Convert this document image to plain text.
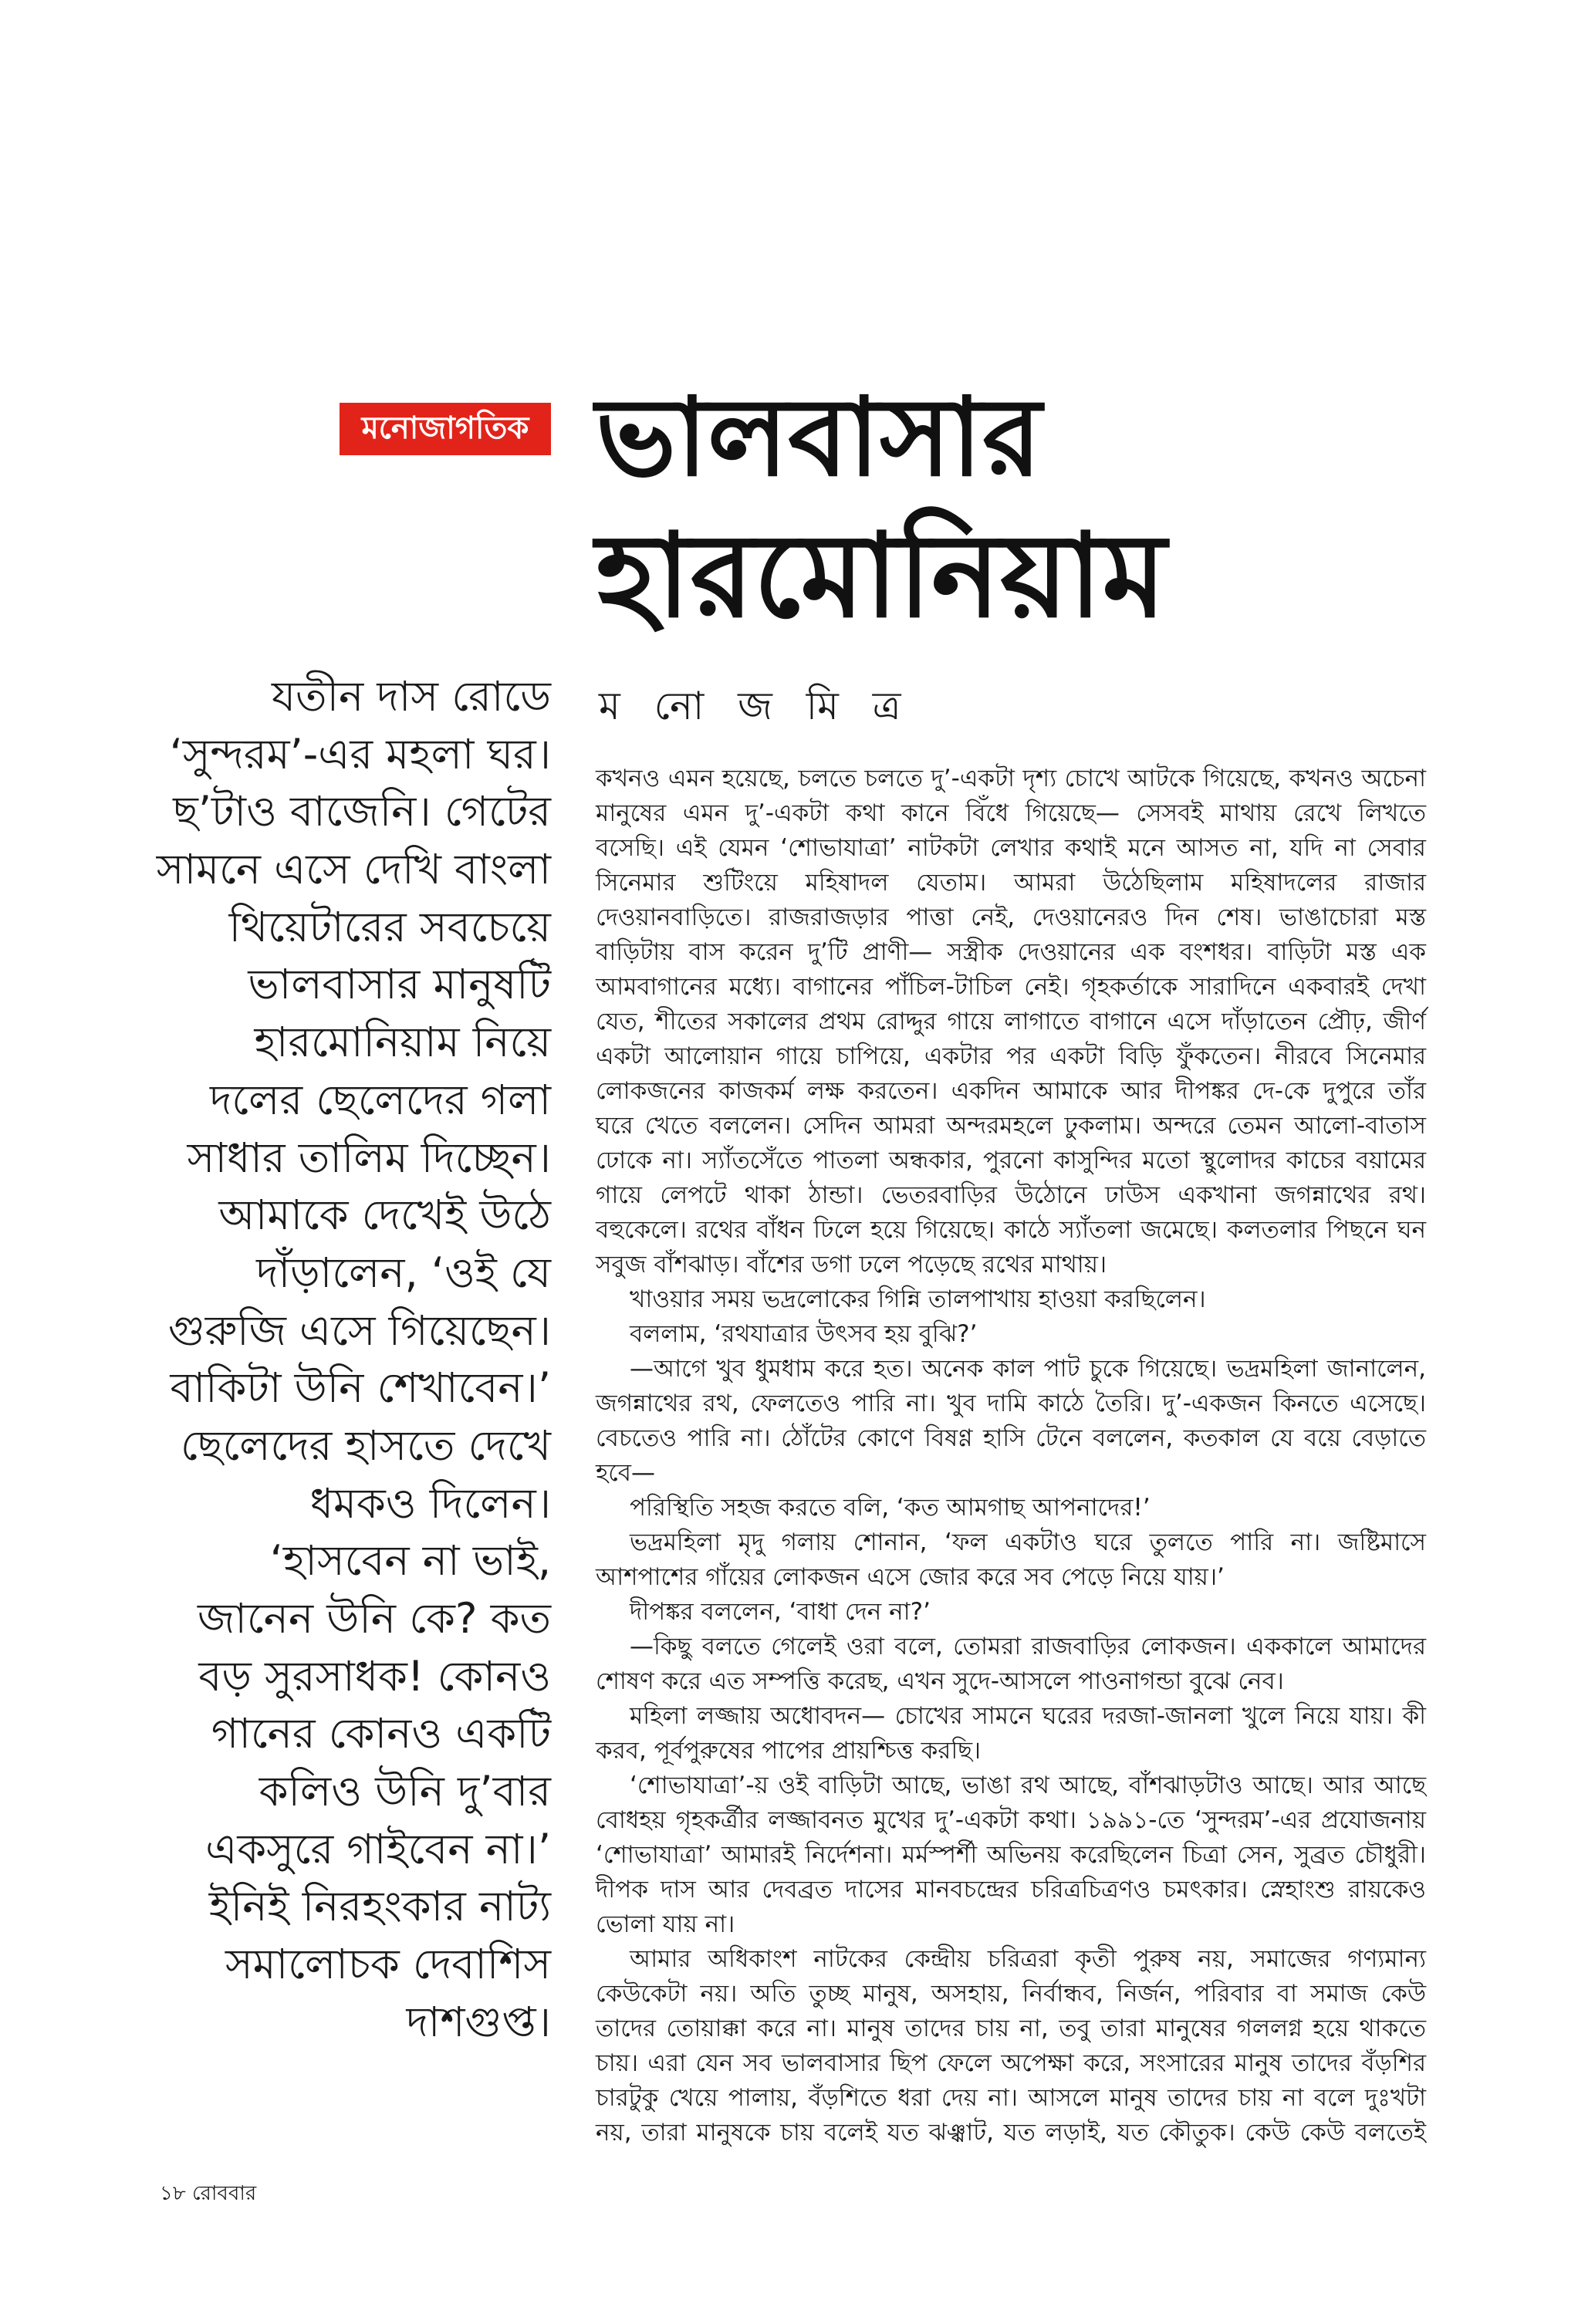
মনোজাগতিক ভালবাসার
হারমোনিয়াম
ম নো জ মি ত্র
যতীন দাস রোডে
‘সুন্দরম’-এর মহলা ঘর।
ছ’টাও বাজেনি। গেটের
সামনে এসে দেখি বাংলা
থিয়েটারের সবচেয়ে
ভালবাসার মানুষটি
হারমোনিয়াম নিয়ে
দলের ছেলেদের গলা
সাধার তালিম দিচ্ছেন।
আমাকে দেখেই উঠে
দাঁড়ালেন, ‘ওই যে
গুরুজি এসে গিয়েছেন।
বাকিটা উনি শেখাবেন।’
ছেলেদের হাসতে দেখে
ধমকও দিলেন।
‘হাসবেন না ভাই,
জানেন উনি কে? কত
বড় সুরসাধক! কোনও
গানের কোনও একটি
কলিও উনি দু’বার
একসুরে গাইবেন না।’
ইনিই নিরহংকার নাট্য
সমালোচক দেবাশিস
দাশগুপ্ত।
কখনও এমন হয়েছে, চলতে চলতে দু’-একটা দৃশ্য চোখে আটকে গিয়েছে, কখনও অচেনা
মানুষের এমন দু’-একটা কথা কানে বিঁধে গিয়েছে— সেসবই মাথায় রেখে লিখতে
বসেছি। এই যেমন ‘শোভাযাত্রা’ নাটকটা লেখার কথাই মনে আসত না, যদি না সেবার
সিনেমার শুটিংয়ে মহিষাদল যেতাম। আমরা উঠেছিলাম মহিষাদলের রাজার
দেওয়ানবাড়িতে। রাজরাজড়ার পাত্তা নেই, দেওয়ানেরও দিন শেষ। ভাঙাচোরা মস্ত
বাড়িটায় বাস করেন দু’টি প্রাণী— সস্ত্রীক দেওয়ানের এক বংশধর। বাড়িটা মস্ত এক
আমবাগানের মধ্যে। বাগানের পাঁচিল-টাচিল নেই। গৃহকর্তাকে সারাদিনে একবারই দেখা
যেত, শীতের সকালের প্রথম রোদ্দুর গায়ে লাগাতে বাগানে এসে দাঁড়াতেন প্রৌঢ়, জীর্ণ
একটা আলোয়ান গায়ে চাপিয়ে, একটার পর একটা বিড়ি ফুঁকতেন। নীরবে সিনেমার
লোকজনের কাজকর্ম লক্ষ করতেন। একদিন আমাকে আর দীপঙ্কর দে-কে দুপুরে তাঁর
ঘরে খেতে বললেন। সেদিন আমরা অন্দরমহলে ঢুকলাম। অন্দরে তেমন আলো-বাতাস
ঢোকে না। স্যাঁতসেঁতে পাতলা অন্ধকার, পুরনো কাসুন্দির মতো স্থুলোদর কাচের বয়ামের
গায়ে লেপটে থাকা ঠান্ডা। ভেতরবাড়ির উঠোনে ঢাউস একখানা জগন্নাথের রথ।
বহুকেলে। রথের বাঁধন ঢিলে হয়ে গিয়েছে। কাঠে স্যাঁতলা জমেছে। কলতলার পিছনে ঘন
সবুজ বাঁশঝাড়। বাঁশের ডগা ঢলে পড়েছে রথের মাথায়।
খাওয়ার সময় ভদ্রলোকের গিন্নি তালপাখায় হাওয়া করছিলেন।
বললাম, ‘রথযাত্রার উৎসব হয় বুঝি?’
—আগে খুব ধুমধাম করে হত। অনেক কাল পাট চুকে গিয়েছে। ভদ্রমহিলা জানালেন,
জগন্নাথের রথ, ফেলতেও পারি না। খুব দামি কাঠে তৈরি। দু’-একজন কিনতে এসেছে।
বেচতেও পারি না। ঠোঁটের কোণে বিষণ্ণ হাসি টেনে বললেন, কতকাল যে বয়ে বেড়াতে
হবে—
পরিস্থিতি সহজ করতে বলি, ‘কত আমগাছ আপনাদের!’
ভদ্রমহিলা মৃদু গলায় শোনান, ‘ফল একটাও ঘরে তুলতে পারি না। জষ্টিমাসে
আশপাশের গাঁয়ের লোকজন এসে জোর করে সব পেড়ে নিয়ে যায়।’
দীপঙ্কর বললেন, ‘বাধা দেন না?’
—কিছু বলতে গেলেই ওরা বলে, তোমরা রাজবাড়ির লোকজন। এককালে আমাদের
শোষণ করে এত সম্পত্তি করেছ, এখন সুদে-আসলে পাওনাগন্ডা বুঝে নেব।
মহিলা লজ্জায় অধোবদন— চোখের সামনে ঘরের দরজা-জানলা খুলে নিয়ে যায়। কী
করব, পূর্বপুরুষের পাপের প্রায়শ্চিত্ত করছি।
‘শোভাযাত্রা’-য় ওই বাড়িটা আছে, ভাঙা রথ আছে, বাঁশঝাড়টাও আছে। আর আছে
বোধহয় গৃহকর্ত্রীর লজ্জাবনত মুখের দু’-একটা কথা। ১৯৯১-তে ‘সুন্দরম’-এর প্রযোজনায়
‘শোভাযাত্রা’ আমারই নির্দেশনা। মর্মস্পর্শী অভিনয় করেছিলেন চিত্রা সেন, সুব্রত চৌধুরী।
দীপক দাস আর দেবব্রত দাসের মানবচন্দ্রের চরিত্রচিত্রণও চমৎকার। স্নেহাংশু রায়কেও
ভোলা যায় না।
আমার অধিকাংশ নাটকের কেন্দ্রীয় চরিত্ররা কৃতী পুরুষ নয়, সমাজের গণ্যমান্য
কেউকেটা নয়। অতি তুচ্ছ মানুষ, অসহায়, নির্বান্ধব, নির্জন, পরিবার বা সমাজ কেউ
তাদের তোয়াক্কা করে না। মানুষ তাদের চায় না, তবু তারা মানুষের গললগ্ন হয়ে থাকতে
চায়। এরা যেন সব ভালবাসার ছিপ ফেলে অপেক্ষা করে, সংসারের মানুষ তাদের বঁড়শির
চারটুকু খেয়ে পালায়, বঁড়শিতে ধরা দেয় না। আসলে মানুষ তাদের চায় না বলে দুঃখটা
নয়, তারা মানুষকে চায় বলেই যত ঝঞ্ঝাট, যত লড়াই, যত কৌতুক। কেউ কেউ বলতেই
১৮ রোববার
